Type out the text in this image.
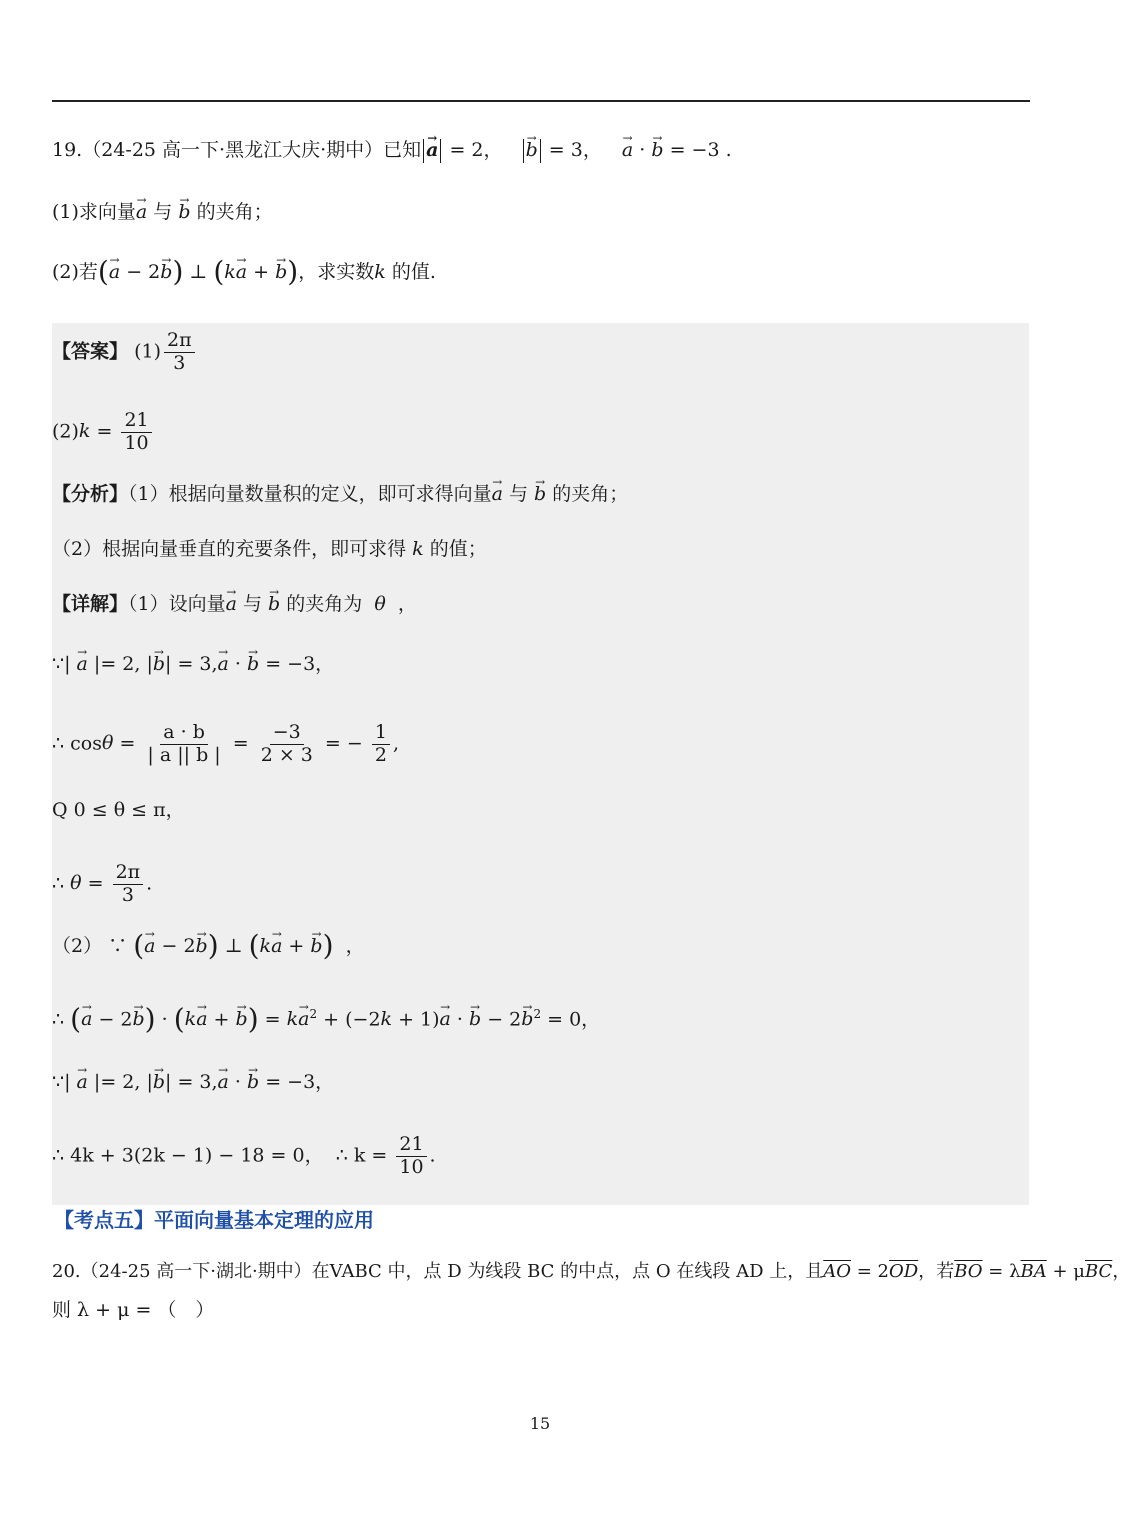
19.（24-25 高一下·黑龙江大庆·期中）已知 → a = 2， → b = 3， → a · → b = −3 .
(1)求向量→ a 与 → b 的夹角；
(2)若(→ a − 2→ b) ⊥ (k→ a + → b)，求实数k 的值.
【答案】 $(1) \frac{2\pi}{3}$
$(2)k = \frac{21}{10}$
【分析】（1）根据向量数量积的定义，即可求得向量→ a 与 → b 的夹角；
（2）根据向量垂直的充要条件，即可求得 k 的值；
【详解】（1）设向量→ a 与 → b 的夹角为 θ  ，
∵| → a |= 2, |→ b| = 3,→ a · → b = −3，
∴ $\cos\theta = \frac{a \cdot b}{| a || b |} = \frac{-3}{2 \times 3}$ = − $\frac{1}{2}$ ,
Q 0 ≤ θ ≤ π，
∴ $\theta = \frac{2\pi}{3}$ .
（2） ∵ (→ a − 2→ b) ⊥ (k→ a + → b)  ，
∴ (→ a − 2→ b) · (k→ a + → $b) = k\to a^2 + (-2k + 1)\to a$ · → $b - 2\to b^2 = 0$，
∵| → a |= 2, |→ b| = 3,→ a · → b = −3，
∴ 4k + 3(2k − 1) − 18 = 0， ∴ $k = \frac{21}{10}$ .
【考点五】平面向量基本定理的应用
20.（24-25 高一下·湖北·期中）在VABC 中，点 D 为线段 BC 的中点，点 O 在线段 AD 上，且$\overline{AO} = 2\overline{OD}$，若$\overline{BO} = \lambda\overline{BA} + \mu\overline{BC}$，
则 λ + μ = （　）
15
